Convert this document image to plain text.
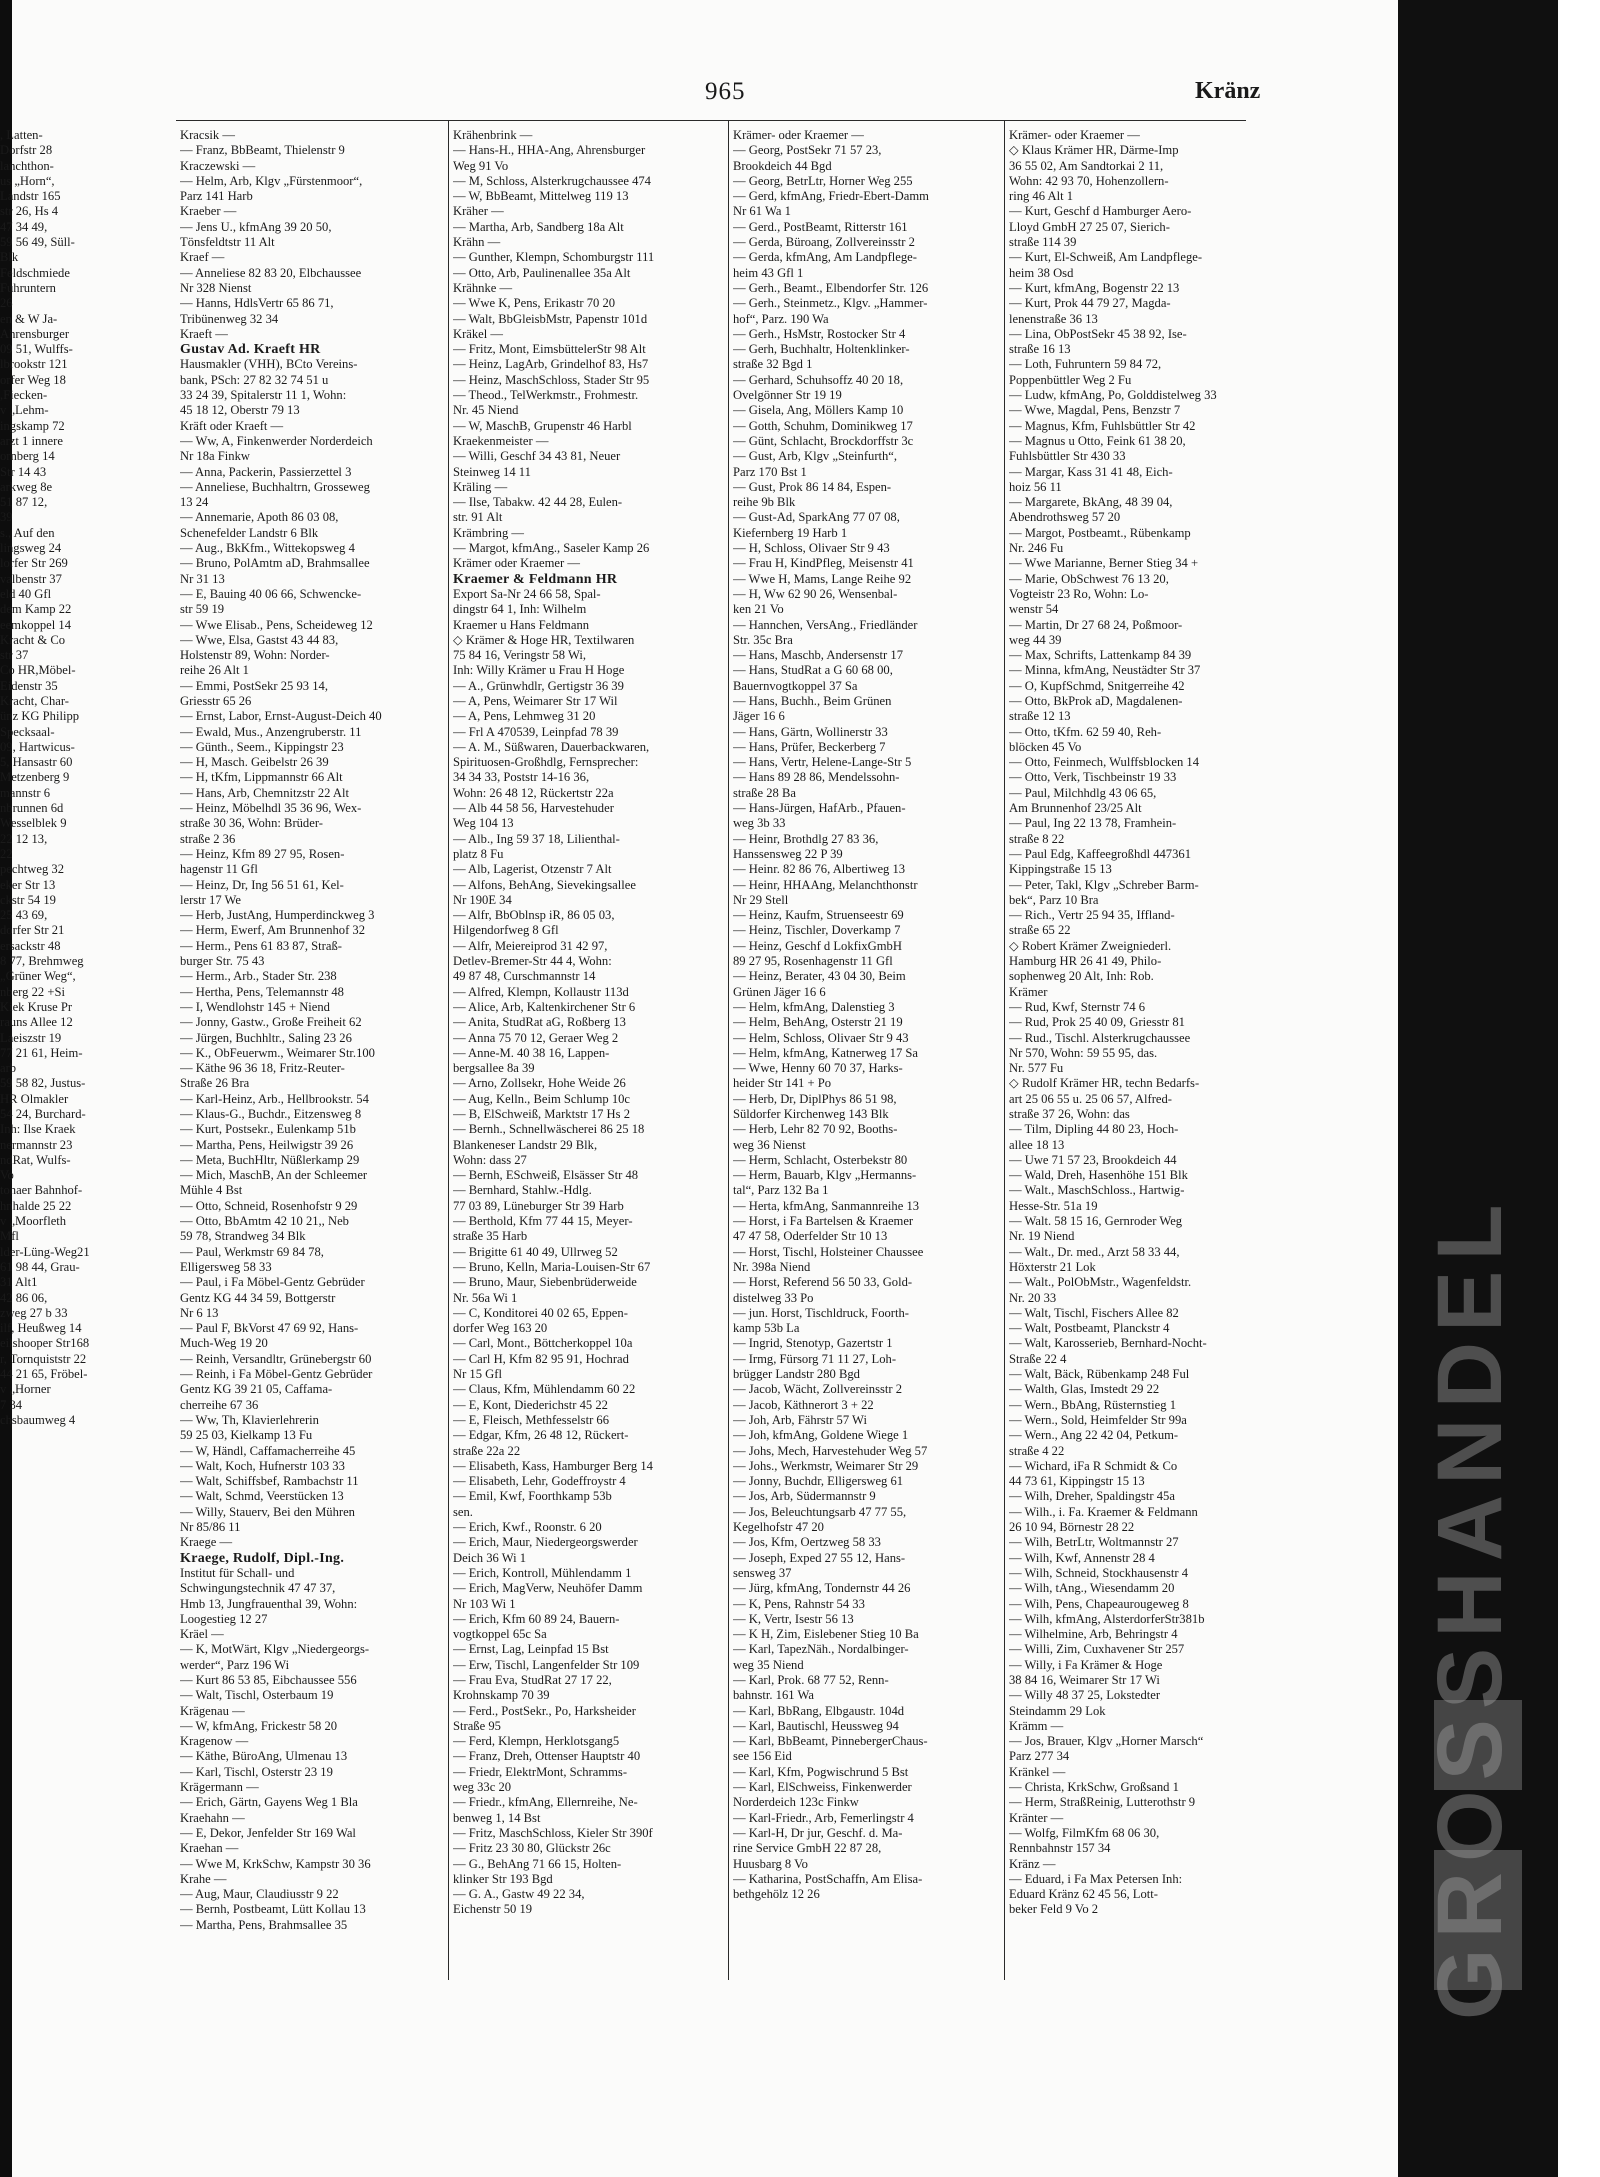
965	Kränz
, Latten-
Dorfstr 28
lanchthon-
us „Horn“,
Landstr 165
str 26, Hs 4
47 34 49,
59 56 49, Süll-
Blk
Feldschmiede
Fuhruntern
26
en & W Ja-
Ahrensburger
09 51, Wulffs-
lbrookstr 121
orfer Weg 18
,Fiecken-
v „Lehm-
ingskamp 72
arzt 1 innere
ornberg 14
Str 14 43
arkweg 8e
51 87 12,
39
s., Auf den
lingsweg 24
lorfer Str 269
valbenstr 37
eld 40 Gfl
dem Kamp 22
eemkoppel 14
Kracht & Co
str 37
Co HR,Möbel-
Eidenstr 35
Kracht, Char-
ünz KG Philipp
Specksaal-
09, Hartwicus-
5, Hansastr 60
Metzenberg 9
mannstr 6
nbrunnen 6d
Wesselblek 9
22 12 13,
22
pechtweg 32
eker Str 13
ckstr 54 19
25 43 69,
dorfer Str 21
ersackstr 48
8 77, Brehmweg
„Grüner Weg“,
nberg 22 +Si
Kiek Kruse Pr
rauns Allee 12
Laeiszstr 19
77 21 61, Heim-
arb
59 58 82, Justus-
HR Olmakler
54 24, Burchard-
Inh: Ilse Kraek
nermannstr 23
ndRat, Wulfs-
Vo
tonaer Bahnhof-
hnhalde 25 22
v „Moorfleth
Mfl
lder-Lüng-Weg21
61 98 44, Grau-
31 Alt1
42 86 06,
zweg 27 b 33
ilf, Heußweg 14
eilshooper Str168
r, Tornquiststr 22
44 21 65, Fröbel-
v „Horner
7 34
chsbaumweg 4
Kracsik —
— Franz, BbBeamt, Thielenstr 9
Kraczewski —
— Helm, Arb, Klgv „Fürstenmoor“,
Parz 141 Harb
Kraeber —
— Jens U., kfmAng 39 20 50,
Tönsfeldtstr 11 Alt
Kraef —
— Anneliese 82 83 20, Elbchaussee
Nr 328 Nienst
— Hanns, HdlsVertr 65 86 71,
Tribünenweg 32 34
Kraeft —
Gustav Ad. Kraeft HR
Hausmakler (VHH), BCto Vereins-
bank, PSch: 27 82 32 74 51 u
33 24 39, Spitalerstr 11 1, Wohn:
45 18 12, Oberstr 79 13
Kräft oder Kraeft —
— Ww, A, Finkenwerder Norderdeich
Nr 18a Finkw
— Anna, Packerin, Passierzettel 3
— Anneliese, Buchhaltrn, Grosseweg
13 24
— Annemarie, Apoth 86 03 08,
Schenefelder Landstr 6 Blk
— Aug., BkKfm., Wittekopsweg 4
— Bruno, PolAmtm aD, Brahmsallee
Nr 31 13
— E, Bauing 40 06 66, Schwencke-
str 59 19
— Wwe Elisab., Pens, Scheideweg 12
— Wwe, Elsa, Gastst 43 44 83,
Holstenstr 89, Wohn: Norder-
reihe 26 Alt 1
— Emmi, PostSekr 25 93 14,
Griesstr 65 26
— Ernst, Labor, Ernst-August-Deich 40
— Ewald, Mus., Anzengruberstr. 11
— Günth., Seem., Kippingstr 23
— H, Masch. Geibelstr 26 39
— H, tKfm, Lippmannstr 66 Alt
— Hans, Arb, Chemnitzstr 22 Alt
— Heinz, Möbelhdl 35 36 96, Wex-
straße 30 36, Wohn: Brüder-
straße 2 36
— Heinz, Kfm 89 27 95, Rosen-
hagenstr 11 Gfl
— Heinz, Dr, Ing 56 51 61, Kel-
lerstr 17 We
— Herb, JustAng, Humperdinckweg 3
— Herm, Ewerf, Am Brunnenhof 32
— Herm., Pens 61 83 87, Straß-
burger Str. 75 43
— Herm., Arb., Stader Str. 238
— Hertha, Pens, Telemannstr 48
— I, Wendlohstr 145 + Niend
— Jonny, Gastw., Große Freiheit 62
— Jürgen, Buchhltr., Saling 23 26
— K., ObFeuerwm., Weimarer Str.100
— Käthe 96 36 18, Fritz-Reuter-
Straße 26 Bra
— Karl-Heinz, Arb., Hellbrookstr. 54
— Klaus-G., Buchdr., Eitzensweg 8
— Kurt, Postsekr., Eulenkamp 51b
— Martha, Pens, Heilwigstr 39 26
— Meta, BuchHltr, Nüßlerkamp 29
— Mich, MaschB, An der Schleemer
Mühle 4 Bst
— Otto, Schneid, Rosenhofstr 9 29
— Otto, BbAmtm 42 10 21,, Neb
59 78, Strandweg 34 Blk
— Paul, Werkmstr 69 84 78,
Elligersweg 58 33
— Paul, i Fa Möbel-Gentz Gebrüder
Gentz KG 44 34 59, Bottgerstr
Nr 6 13
— Paul F, BkVorst 47 69 92, Hans-
Much-Weg 19 20
— Reinh, Versandltr, Grünebergstr 60
— Reinh, i Fa Möbel-Gentz Gebrüder
Gentz KG 39 21 05, Caffama-
cherreihe 67 36
— Ww, Th, Klavierlehrerin
59 25 03, Kielkamp 13 Fu
— W, Händl, Caffamacherreihe 45
— Walt, Koch, Hufnerstr 103 33
— Walt, Schiffsbef, Rambachstr 11
— Walt, Schmd, Veerstücken 13
— Willy, Stauerv, Bei den Mühren
Nr 85/86 11
Kraege —
Kraege, Rudolf, Dipl.-Ing.
Institut für Schall- und
Schwingungstechnik 47 47 37,
Hmb 13, Jungfrauenthal 39, Wohn:
Loogestieg 12 27
Kräel —
— K, MotWärt, Klgv „Niedergeorgs-
werder“, Parz 196 Wi
— Kurt 86 53 85, Eibchaussee 556
— Walt, Tischl, Osterbaum 19
Krägenau —
— W, kfmAng, Frickestr 58 20
Kragenow —
— Käthe, BüroAng, Ulmenau 13
— Karl, Tischl, Osterstr 23 19
Krägermann —
— Erich, Gärtn, Gayens Weg 1 Bla
Kraehahn —
— E, Dekor, Jenfelder Str 169 Wal
Kraehan —
— Wwe M, KrkSchw, Kampstr 30 36
Krahe —
— Aug, Maur, Claudiusstr 9 22
— Bernh, Postbeamt, Lütt Kollau 13
— Martha, Pens, Brahmsallee 35
Krähenbrink —
— Hans-H., HHA-Ang, Ahrensburger
Weg 91 Vo
— M, Schloss, Alsterkrugchaussee 474
— W, BbBeamt, Mittelweg 119 13
Kräher —
— Martha, Arb, Sandberg 18a Alt
Krähn —
— Gunther, Klempn, Schomburgstr 111
— Otto, Arb, Paulinenallee 35a Alt
Krähnke —
— Wwe K, Pens, Erikastr 70 20
— Walt, BbGleisbMstr, Papenstr 101d
Kräkel —
— Fritz, Mont, EimsbüttelerStr 98 Alt
— Heinz, LagArb, Grindelhof 83, Hs7
— Heinz, MaschSchloss, Stader Str 95
— Theod., TelWerkmstr., Frohmestr.
Nr. 45 Niend
— W, MaschB, Grupenstr 46 Harbl
Kraekenmeister —
— Willi, Geschf 34 43 81, Neuer
Steinweg 14 11
Kräling —
— Ilse, Tabakw. 42 44 28, Eulen-
str. 91 Alt
Krämbring —
— Margot, kfmAng., Saseler Kamp 26
Krämer oder Kraemer —
Kraemer & Feldmann HR
Export Sa-Nr 24 66 58, Spal-
dingstr 64 1, Inh: Wilhelm
Kraemer u Hans Feldmann
◇ Krämer & Hoge HR, Textilwaren
75 84 16, Veringstr 58 Wi,
Inh: Willy Krämer u Frau H Hoge
— A., Grünwhdlr, Gertigstr 36 39
— A, Pens, Weimarer Str 17 Wil
— A, Pens, Lehmweg 31 20
— Frl A 470539, Leinpfad 78 39
— A. M., Süßwaren, Dauerbackwaren,
Spirituosen-Großhdlg, Fernsprecher:
34 34 33, Poststr 14-16 36,
Wohn: 26 48 12, Rückertstr 22a
— Alb 44 58 56, Harvestehuder
Weg 104 13
— Alb., Ing 59 37 18, Lilienthal-
platz 8 Fu
— Alb, Lagerist, Otzenstr 7 Alt
— Alfons, BehAng, Sievekingsallee
Nr 190E 34
— Alfr, BbOblnsp iR, 86 05 03,
Hilgendorfweg 8 Gfl
— Alfr, Meiereiprod 31 42 97,
Detlev-Bremer-Str 44 4, Wohn:
49 87 48, Curschmannstr 14
— Alfred, Klempn, Kollaustr 113d
— Alice, Arb, Kaltenkirchener Str 6
— Anita, StudRat aG, Roßberg 13
— Anna 75 70 12, Geraer Weg 2
— Anne-M. 40 38 16, Lappen-
bergsallee 8a 39
— Arno, Zollsekr, Hohe Weide 26
— Aug, Kelln., Beim Schlump 10c
— B, ElSchweiß, Marktstr 17 Hs 2
— Bernh., Schnellwäscherei 86 25 18
Blankeneser Landstr 29 Blk,
Wohn: dass 27
— Bernh, ESchweiß, Elsässer Str 48
— Bernhard, Stahlw.-Hdlg.
77 03 89, Lüneburger Str 39 Harb
— Berthold, Kfm 77 44 15, Meyer-
straße 35 Harb
— Brigitte 61 40 49, Ullrweg 52
— Bruno, Kelln, Maria-Louisen-Str 67
— Bruno, Maur, Siebenbrüderweide
Nr. 56a Wi 1
— C, Konditorei 40 02 65, Eppen-
dorfer Weg 163 20
— Carl, Mont., Böttcherkoppel 10a
— Carl H, Kfm 82 95 91, Hochrad
Nr 15 Gfl
— Claus, Kfm, Mühlendamm 60 22
— E, Kont, Diederichstr 45 22
— E, Fleisch, Methfesselstr 66
— Edgar, Kfm, 26 48 12, Rückert-
straße 22a 22
— Elisabeth, Kass, Hamburger Berg 14
— Elisabeth, Lehr, Godeffroystr 4
— Emil, Kwf, Foorthkamp 53b
sen.
— Erich, Kwf., Roonstr. 6 20
— Erich, Maur, Niedergeorgswerder
Deich 36 Wi 1
— Erich, Kontroll, Mühlendamm 1
— Erich, MagVerw, Neuhöfer Damm
Nr 103 Wi 1
— Erich, Kfm 60 89 24, Bauern-
vogtkoppel 65c Sa
— Ernst, Lag, Leinpfad 15 Bst
— Erw, Tischl, Langenfelder Str 109
— Frau Eva, StudRat 27 17 22,
Krohnskamp 70 39
— Ferd., PostSekr., Po, Harksheider
Straße 95
— Ferd, Klempn, Herklotsgang5
— Franz, Dreh, Ottenser Hauptstr 40
— Friedr, ElektrMont, Schramms-
weg 33c 20
— Friedr., kfmAng, Ellernreihe, Ne-
benweg 1, 14 Bst
— Fritz, MaschSchloss, Kieler Str 390f
— Fritz 23 30 80, Glückstr 26c
— G., BehAng 71 66 15, Holten-
klinker Str 193 Bgd
— G. A., Gastw 49 22 34,
Eichenstr 50 19
Krämer- oder Kraemer —
— Georg, PostSekr 71 57 23,
Brookdeich 44 Bgd
— Georg, BetrLtr, Horner Weg 255
— Gerd, kfmAng, Friedr-Ebert-Damm
Nr 61 Wa 1
— Gerd., PostBeamt, Ritterstr 161
— Gerda, Büroang, Zollvereinsstr 2
— Gerda, kfmAng, Am Landpflege-
heim 43 Gfl 1
— Gerh., Beamt., Elbendorfer Str. 126
— Gerh., Steinmetz., Klgv. „Hammer-
hof“, Parz. 190 Wa
— Gerh., HsMstr, Rostocker Str 4
— Gerh, Buchhaltr, Holtenklinker-
straße 32 Bgd 1
— Gerhard, Schuhsoffz 40 20 18,
Ovelgönner Str 19 19
— Gisela, Ang, Möllers Kamp 10
— Gotth, Schuhm, Dominikweg 17
— Günt, Schlacht, Brockdorffstr 3c
— Gust, Arb, Klgv „Steinfurth“,
Parz 170 Bst 1
— Gust, Prok 86 14 84, Espen-
reihe 9b Blk
— Gust-Ad, SparkAng 77 07 08,
Kiefernberg 19 Harb 1
— H, Schloss, Olivaer Str 9 43
— Frau H, KindPfleg, Meisenstr 41
— Wwe H, Mams, Lange Reihe 92
— H, Ww 62 90 26, Wensenbal-
ken 21 Vo
— Hannchen, VersAng., Friedländer
Str. 35c Bra
— Hans, Maschb, Andersenstr 17
— Hans, StudRat a G 60 68 00,
Bauernvogtkoppel 37 Sa
— Hans, Buchh., Beim Grünen
Jäger 16 6
— Hans, Gärtn, Wollinerstr 33
— Hans, Prüfer, Beckerberg 7
— Hans, Vertr, Helene-Lange-Str 5
— Hans 89 28 86, Mendelssohn-
straße 28 Ba
— Hans-Jürgen, HafArb., Pfauen-
weg 3b 33
— Heinr, Brothdlg 27 83 36,
Hanssensweg 22 P 39
— Heinr. 82 86 76, Albertiweg 13
— Heinr, HHAAng, Melanchthonstr
Nr 29 Stell
— Heinz, Kaufm, Struenseestr 69
— Heinz, Tischler, Doverkamp 7
— Heinz, Geschf d LokfixGmbH
89 27 95, Rosenhagenstr 11 Gfl
— Heinz, Berater, 43 04 30, Beim
Grünen Jäger 16 6
— Helm, kfmAng, Dalenstieg 3
— Helm, BehAng, Osterstr 21 19
— Helm, Schloss, Olivaer Str 9 43
— Helm, kfmAng, Katnerweg 17 Sa
— Wwe, Henny 60 70 37, Harks-
heider Str 141 + Po
— Herb, Dr, DiplPhys 86 51 98,
Süldorfer Kirchenweg 143 Blk
— Herb, Lehr 82 70 92, Booths-
weg 36 Nienst
— Herm, Schlacht, Osterbekstr 80
— Herm, Bauarb, Klgv „Hermanns-
tal“, Parz 132 Ba 1
— Herta, kfmAng, Sanmannreihe 13
— Horst, i Fa Bartelsen & Kraemer
47 47 58, Oderfelder Str 10 13
— Horst, Tischl, Holsteiner Chaussee
Nr. 398a Niend
— Horst, Referend 56 50 33, Gold-
distelweg 33 Po
— jun. Horst, Tischldruck, Foorth-
kamp 53b La
— Ingrid, Stenotyp, Gazertstr 1
— Irmg, Fürsorg 71 11 27, Loh-
brügger Landstr 280 Bgd
— Jacob, Wächt, Zollvereinsstr 2
— Jacob, Käthnerort 3 + 22
— Joh, Arb, Fährstr 57 Wi
— Joh, kfmAng, Goldene Wiege 1
— Johs, Mech, Harvestehuder Weg 57
— Johs., Werkmstr, Weimarer Str 29
— Jonny, Buchdr, Elligersweg 61
— Jos, Arb, Südermannstr 9
— Jos, Beleuchtungsarb 47 77 55,
Kegelhofstr 47 20
— Jos, Kfm, Oertzweg 58 33
— Joseph, Exped 27 55 12, Hans-
sensweg 37
— Jürg, kfmAng, Tondernstr 44 26
— K, Pens, Rahnstr 54 33
— K, Vertr, Isestr 56 13
— K H, Zim, Eislebener Stieg 10 Ba
— Karl, TapezNäh., Nordalbinger-
weg 35 Niend
— Karl, Prok. 68 77 52, Renn-
bahnstr. 161 Wa
— Karl, BbRang, Elbgaustr. 104d
— Karl, Bautischl, Heussweg 94
— Karl, BbBeamt, PinnebergerChaus-
see 156 Eid
— Karl, Kfm, Pogwischrund 5 Bst
— Karl, ElSchweiss, Finkenwerder
Norderdeich 123c Finkw
— Karl-Friedr., Arb, Femerlingstr 4
— Karl-H, Dr jur, Geschf. d. Ma-
rine Service GmbH 22 87 28,
Huusbarg 8 Vo
— Katharina, PostSchaffn, Am Elisa-
bethgehölz 12 26
Krämer- oder Kraemer —
◇ Klaus Krämer HR, Därme-Imp
36 55 02, Am Sandtorkai 2 11,
Wohn: 42 93 70, Hohenzollern-
ring 46 Alt 1
— Kurt, Geschf d Hamburger Aero-
Lloyd GmbH 27 25 07, Sierich-
straße 114 39
— Kurt, El-Schweiß, Am Landpflege-
heim 38 Osd
— Kurt, kfmAng, Bogenstr 22 13
— Kurt, Prok 44 79 27, Magda-
lenenstraße 36 13
— Lina, ObPostSekr 45 38 92, Ise-
straße 16 13
— Loth, Fuhruntern 59 84 72,
Poppenbüttler Weg 2 Fu
— Ludw, kfmAng, Po, Golddistelweg 33
— Wwe, Magdal, Pens, Benzstr 7
— Magnus, Kfm, Fuhlsbüttler Str 42
— Magnus u Otto, Feink 61 38 20,
Fuhlsbüttler Str 430 33
— Margar, Kass 31 41 48, Eich-
hoiz 56 11
— Margarete, BkAng, 48 39 04,
Abendrothsweg 57 20
— Margot, Postbeamt., Rübenkamp
Nr. 246 Fu
— Wwe Marianne, Berner Stieg 34 +
— Marie, ObSchwest 76 13 20,
Vogteistr 23 Ro, Wohn: Lo-
wenstr 54
— Martin, Dr 27 68 24, Poßmoor-
weg 44 39
— Max, Schrifts, Lattenkamp 84 39
— Minna, kfmAng, Neustädter Str 37
— O, KupfSchmd, Snitgerreihe 42
— Otto, BkProk aD, Magdalenen-
straße 12 13
— Otto, tKfm. 62 59 40, Reh-
blöcken 45 Vo
— Otto, Feinmech, Wulffsblocken 14
— Otto, Verk, Tischbeinstr 19 33
— Paul, Milchhdlg 43 06 65,
Am Brunnenhof 23/25 Alt
— Paul, Ing 22 13 78, Framhein-
straße 8 22
— Paul Edg, Kaffeegroßhdl 447361
Kippingstraße 15 13
— Peter, Takl, Klgv „Schreber Barm-
bek“, Parz 10 Bra
— Rich., Vertr 25 94 35, Iffland-
straße 65 22
◇ Robert Krämer Zweigniederl.
Hamburg HR 26 41 49, Philo-
sophenweg 20 Alt, Inh: Rob.
Krämer
— Rud, Kwf, Sternstr 74 6
— Rud, Prok 25 40 09, Griesstr 81
— Rud., Tischl. Alsterkrugchaussee
Nr 570, Wohn: 59 55 95, das.
Nr. 577 Fu
◇ Rudolf Krämer HR, techn Bedarfs-
art 25 06 55 u. 25 06 57, Alfred-
straße 37 26, Wohn: das
— Tilm, Dipling 44 80 23, Hoch-
allee 18 13
— Uwe 71 57 23, Brookdeich 44
— Wald, Dreh, Hasenhöhe 151 Blk
— Walt., MaschSchloss., Hartwig-
Hesse-Str. 51a 19
— Walt. 58 15 16, Gernroder Weg
Nr. 19 Niend
— Walt., Dr. med., Arzt 58 33 44,
Höxterstr 21 Lok
— Walt., PolObMstr., Wagenfeldstr.
Nr. 20 33
— Walt, Tischl, Fischers Allee 82
— Walt, Postbeamt, Planckstr 4
— Walt, Karosserieb, Bernhard-Nocht-
Straße 22 4
— Walt, Bäck, Rübenkamp 248 Ful
— Walth, Glas, Imstedt 29 22
— Wern., BbAng, Rüsternstieg 1
— Wern., Sold, Heimfelder Str 99a
— Wern., Ang 22 42 04, Petkum-
straße 4 22
— Wichard, iFa R Schmidt & Co
44 73 61, Kippingstr 15 13
— Wilh, Dreher, Spaldingstr 45a
— Wilh., i. Fa. Kraemer & Feldmann
26 10 94, Börnestr 28 22
— Wilh, BetrLtr, Woltmannstr 27
— Wilh, Kwf, Annenstr 28 4
— Wilh, Schneid, Stockhausenstr 4
— Wilh, tAng., Wiesendamm 20
— Wilh, Pens, Chapeaurougeweg 8
— Wilh, kfmAng, AlsterdorferStr381b
— Wilhelmine, Arb, Behringstr 4
— Willi, Zim, Cuxhavener Str 257
— Willy, i Fa Krämer & Hoge
38 84 16, Weimarer Str 17 Wi
— Willy 48 37 25, Lokstedter
Steindamm 29 Lok
Krämm —
— Jos, Brauer, Klgv „Horner Marsch“
Parz 277 34
Kränkel —
— Christa, KrkSchw, Großsand 1
— Herm, StraßReinig, Lutterothstr 9
Kränter —
— Wolfg, FilmKfm 68 06 30,
Rennbahnstr 157 34
Kränz —
— Eduard, i Fa Max Petersen Inh:
Eduard Kränz 62 45 56, Lott-
beker Feld 9 Vo 2	GROSSHANDEL
